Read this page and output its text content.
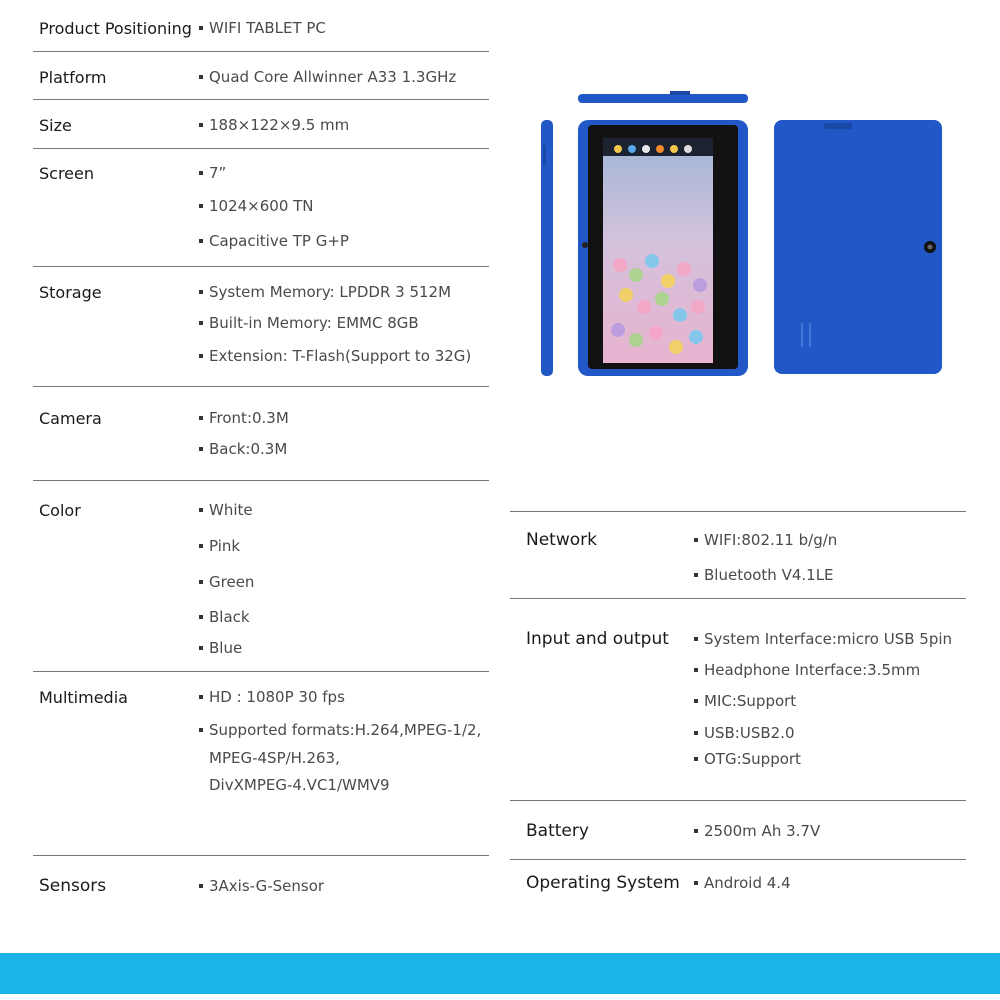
Product Positioning	WIFI TABLET PC
Platform	Quad Core Allwinner A33 1.3GHz
Size	188×122×9.5 mm
Screen	7”
1024×600 TN
Capacitive TP G+P
Storage	System Memory: LPDDR 3 512M
Built-in Memory: EMMC 8GB
Extension: T-Flash(Support to 32G)
Camera	Front:0.3M
Back:0.3M
Color	White
Pink
Green
Black
Blue
Multimedia	HD : 1080P 30 fps
Supported formats:H.264,MPEG-1/2,
MPEG-4SP/H.263,
DivXMPEG-4.VC1/WMV9
Sensors	3Axis-G-Sensor
Network	WIFI:802.11 b/g/n
Bluetooth V4.1LE
Input and output	System Interface:micro USB 5pin
Headphone Interface:3.5mm
MIC:Support
USB:USB2.0
OTG:Support
Battery	2500m Ah 3.7V
Operating System	Android 4.4
